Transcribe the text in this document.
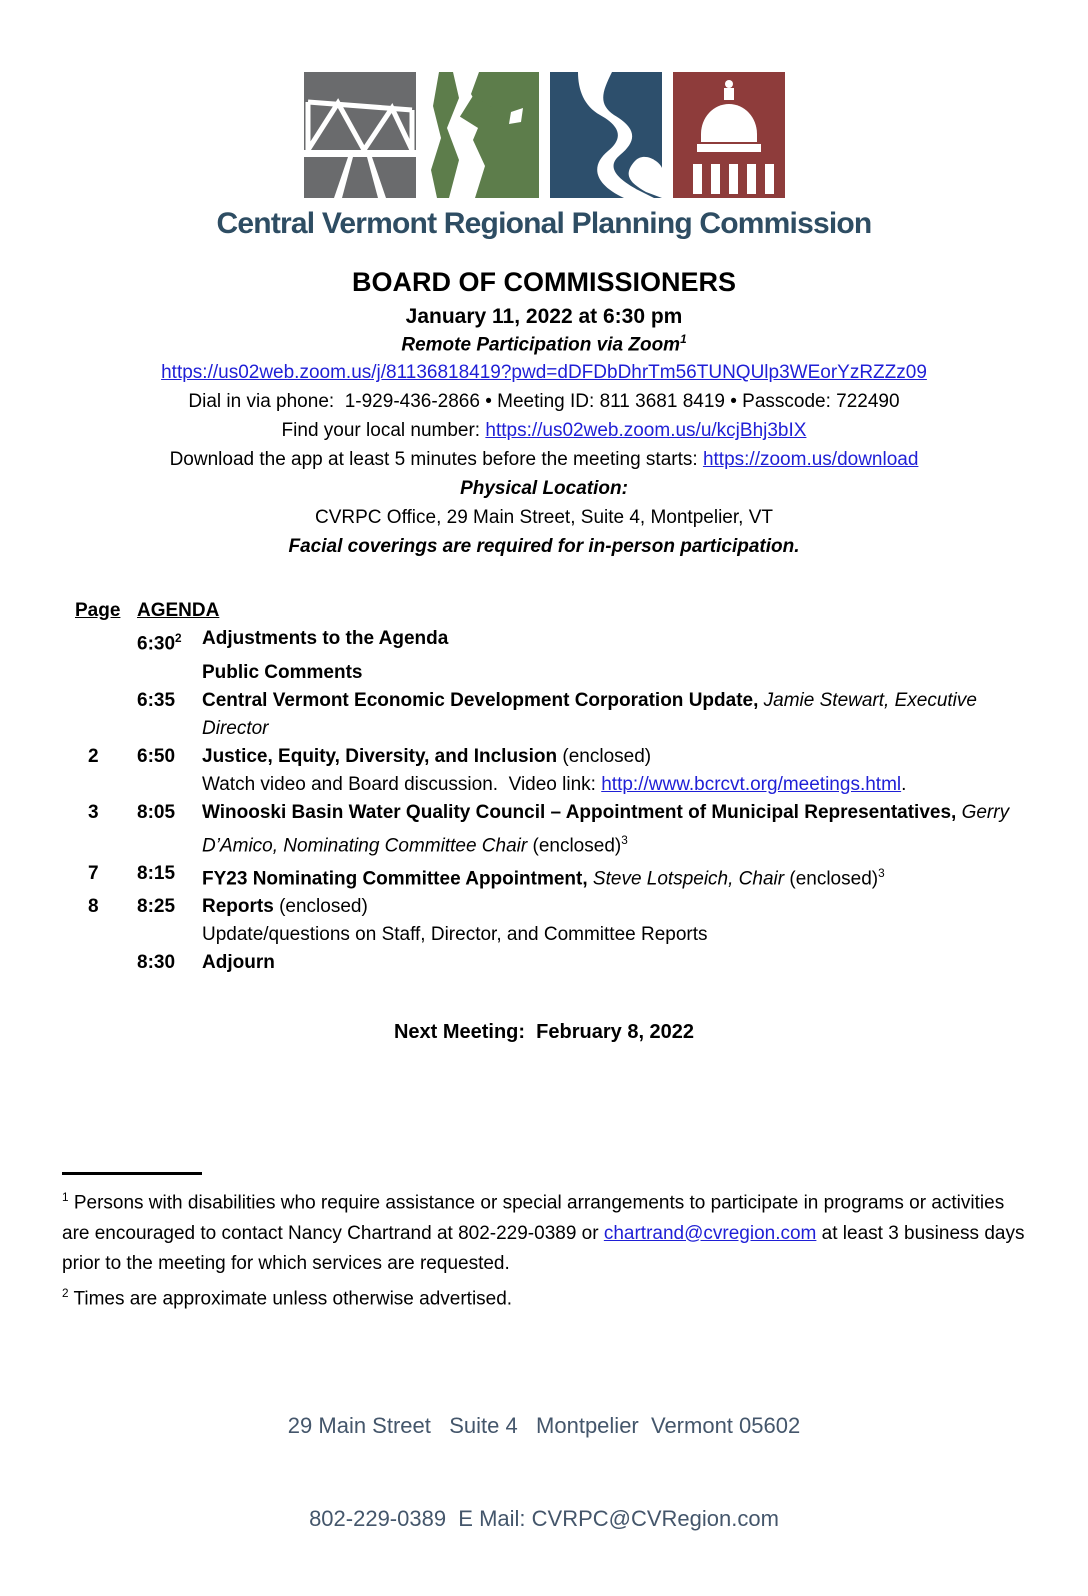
Central Vermont Regional Planning Commission
BOARD OF COMMISSIONERS
January 11, 2022 at 6:30 pm
Remote Participation via Zoom$^1$
https://us02web.zoom.us/j/81136818419?pwd=dDFDbDhrTm56TUNQUlp3WEorYzRZZz09
Dial in via phone:  1-929-436-2866 • Meeting ID: 811 3681 8419 • Passcode: 722490
Find your local number: https://us02web.zoom.us/u/kcjBhj3bIX
Download the app at least 5 minutes before the meeting starts: https://zoom.us/download
Physical Location:
CVRPC Office, 29 Main Street, Suite 4, Montpelier, VT
Facial coverings are required for in-person participation.
Page AGENDA
$6:30^2$	Adjustments to the Agenda
Public Comments
6:35	Central Vermont Economic Development Corporation Update, Jamie Stewart, Executive Director
2	6:50	Justice, Equity, Diversity, and Inclusion (enclosed)
Watch video and Board discussion.  Video link: http://www.bcrcvt.org/meetings.html.
3	8:05	Winooski Basin Water Quality Council – Appointment of Municipal Representatives, Gerry D’Amico, Nominating Committee Chair (enclosed)$^3$
7	8:15	FY23 Nominating Committee Appointment, Steve Lotspeich, Chair (enclosed)$^3$
8	8:25	Reports (enclosed)
Update/questions on Staff, Director, and Committee Reports
8:30	Adjourn
Next Meeting:  February 8, 2022
$^1$ Persons with disabilities who require assistance or special arrangements to participate in programs or activities are encouraged to contact Nancy Chartrand at 802-229-0389 or chartrand@cvregion.com at least 3 business days prior to the meeting for which services are requested.
$^2$ Times are approximate unless otherwise advertised.

29 Main Street   Suite 4   Montpelier  Vermont 05602

802-229-0389  E Mail: CVRPC@CVRegion.com
